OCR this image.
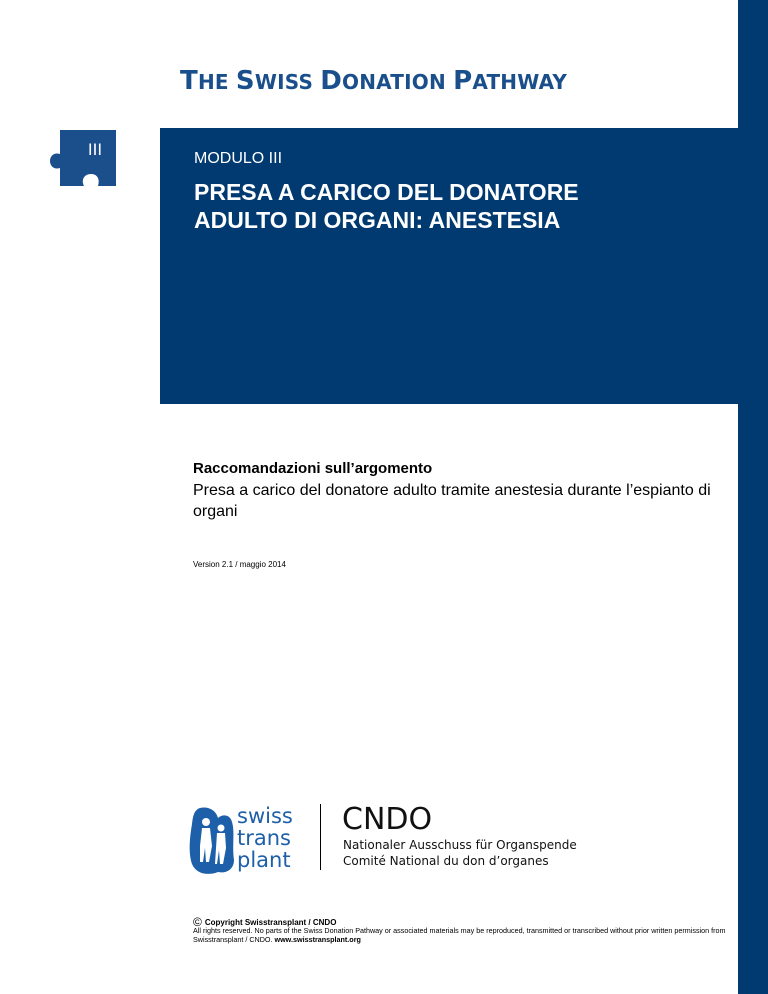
THE SWISS DONATION PATHWAY
III	MODULO III
PRESA A CARICO DEL DONATORE
ADULTO DI ORGANI: ANESTESIA
Raccomandazioni sull’argomento
Presa a carico del donatore adulto tramite anestesia durante l’espianto di organi
Version 2.1 / maggio 2014
swiss
trans
plant
CNDO
Nationaler Ausschuss für Organspende
Comité National du don d’organes
© Copyright Swisstransplant / CNDO
All rights reserved. No parts of the Swiss Donation Pathway or associated materials may be reproduced, transmitted or transcribed without prior written permission from Swisstransplant / CNDO. www.swisstransplant.org
